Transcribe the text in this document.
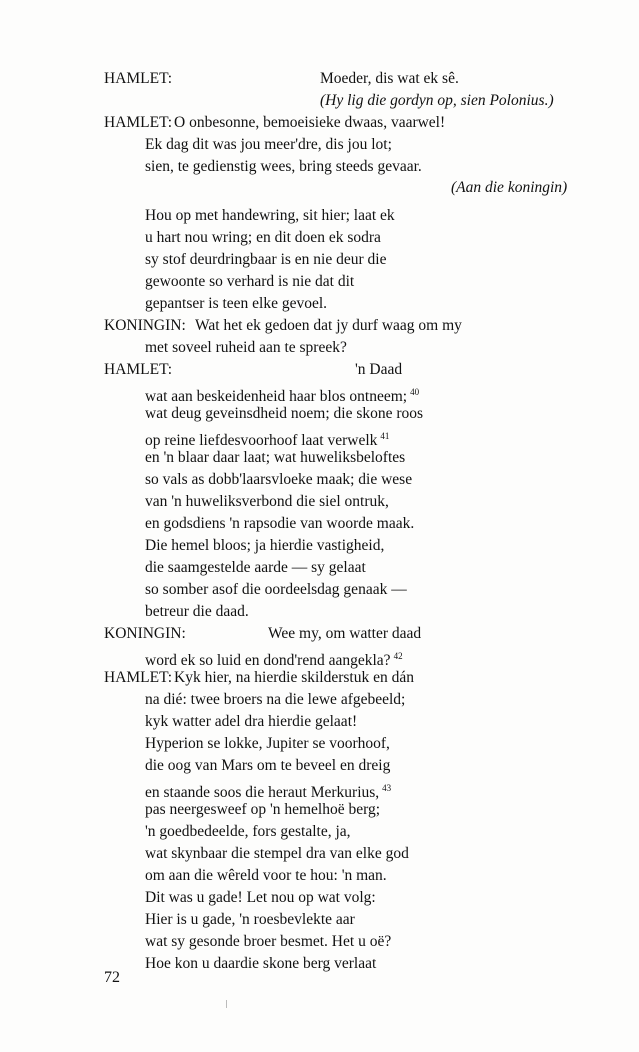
HAMLET:	Moeder, dis wat ek sê.
(Hy lig die gordyn op, sien Polonius.)
HAMLET: O onbesonne, bemoeisieke dwaas, vaarwel!
Ek dag dit was jou meer'dre, dis jou lot;
sien, te gedienstig wees, bring steeds gevaar.
(Aan die koningin)
Hou op met handewring, sit hier; laat ek
u hart nou wring; en dit doen ek sodra
sy stof deurdringbaar is en nie deur die
gewoonte so verhard is nie dat dit
gepantser is teen elke gevoel.
KONINGIN: Wat het ek gedoen dat jy durf waag om my
met soveel ruheid aan te spreek?
HAMLET:	'n Daad
wat aan beskeidenheid haar blos ontneem; $^{40}$
wat deug geveinsdheid noem; die skone roos
op reine liefdesvoorhoof laat verwelk $^{41}$
en 'n blaar daar laat; wat huweliksbeloftes
so vals as dobb'laarsvloeke maak; die wese
van 'n huweliksverbond die siel ontruk,
en godsdiens 'n rapsodie van woorde maak.
Die hemel bloos; ja hierdie vastigheid,
die saamgestelde aarde — sy gelaat
so somber asof die oordeelsdag genaak —
betreur die daad.
KONINGIN:	Wee my, om watter daad
word ek so luid en dond'rend aangekla? $^{42}$
HAMLET: Kyk hier, na hierdie skilderstuk en dán
na dié: twee broers na die lewe afgebeeld;
kyk watter adel dra hierdie gelaat!
Hyperion se lokke, Jupiter se voorhoof,
die oog van Mars om te beveel en dreig
en staande soos die heraut Merkurius, $^{43}$
pas neergesweef op 'n hemelhoë berg;
'n goedbedeelde, fors gestalte, ja,
wat skynbaar die stempel dra van elke god
om aan die wêreld voor te hou: 'n man.
Dit was u gade! Let nou op wat volg:
Hier is u gade, 'n roesbevlekte aar
wat sy gesonde broer besmet. Het u oë?
Hoe kon u daardie skone berg verlaat
72
